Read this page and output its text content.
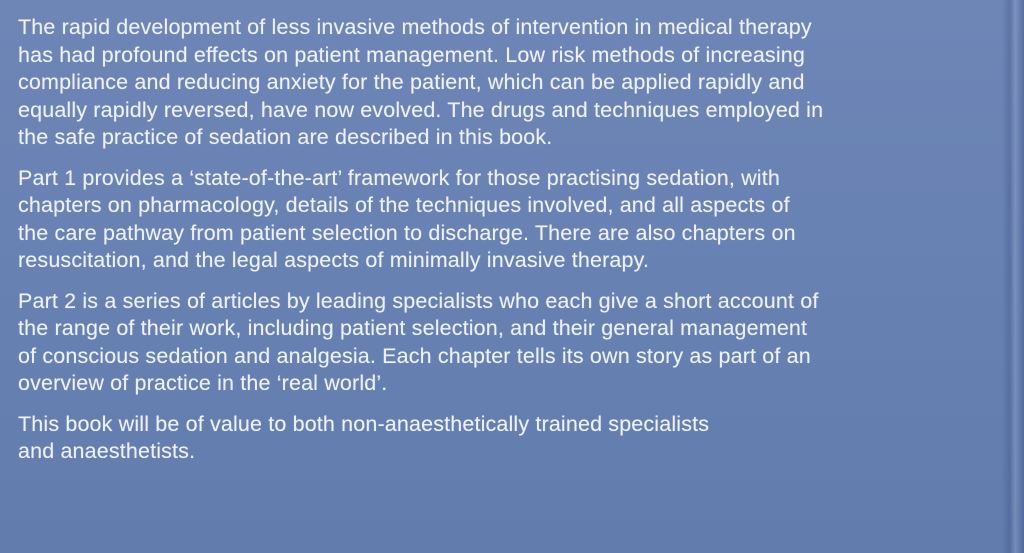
The rapid development of less invasive methods of intervention in medical therapy
has had profound effects on patient management. Low risk methods of increasing
compliance and reducing anxiety for the patient, which can be applied rapidly and
equally rapidly reversed, have now evolved. The drugs and techniques employed in
the safe practice of sedation are described in this book.

Part 1 provides a ‘state-of-the-art’ framework for those practising sedation, with
chapters on pharmacology, details of the techniques involved, and all aspects of
the care pathway from patient selection to discharge. There are also chapters on
resuscitation, and the legal aspects of minimally invasive therapy.

Part 2 is a series of articles by leading specialists who each give a short account of
the range of their work, including patient selection, and their general management
of conscious sedation and analgesia. Each chapter tells its own story as part of an
overview of practice in the ‘real world’.

This book will be of value to both non-anaesthetically trained specialists
and anaesthetists.
